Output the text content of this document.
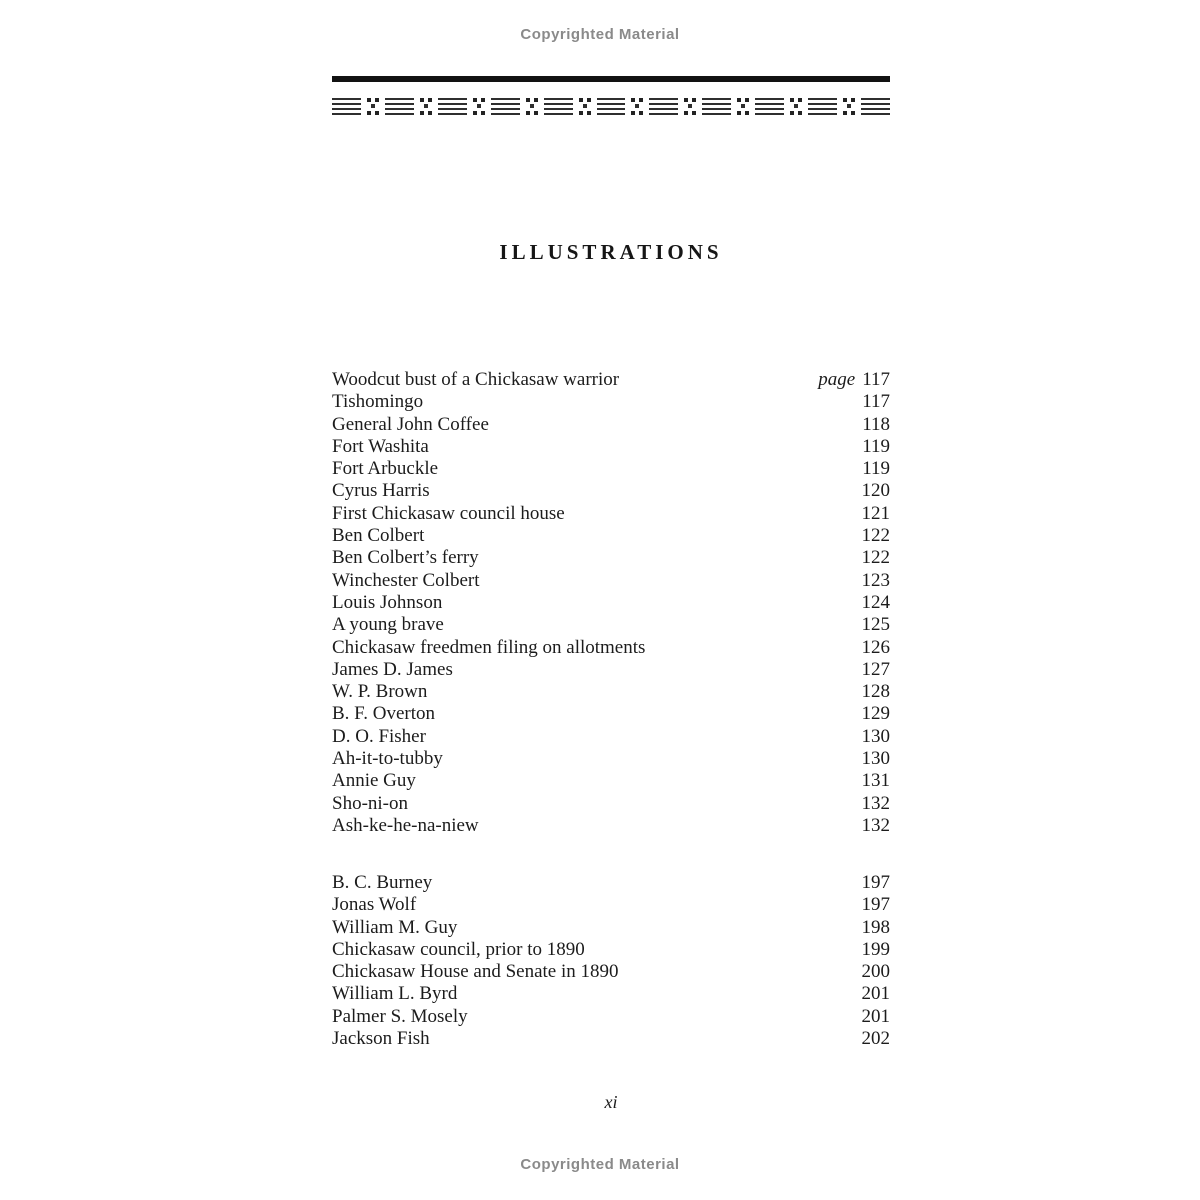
Copyrighted Material
ILLUSTRATIONS
Woodcut bust of a Chickasaw warrior	page 117
Tishomingo	117
General John Coffee	118
Fort Washita	119
Fort Arbuckle	119
Cyrus Harris	120
First Chickasaw council house	121
Ben Colbert	122
Ben Colbert’s ferry	122
Winchester Colbert	123
Louis Johnson	124
A young brave	125
Chickasaw freedmen filing on allotments	126
James D. James	127
W. P. Brown	128
B. F. Overton	129
D. O. Fisher	130
Ah-it-to-tubby	130
Annie Guy	131
Sho-ni-on	132
Ash-ke-he-na-niew	132
B. C. Burney	197
Jonas Wolf	197
William M. Guy	198
Chickasaw council, prior to 1890	199
Chickasaw House and Senate in 1890	200
William L. Byrd	201
Palmer S. Mosely	201
Jackson Fish	202
xi
Copyrighted Material
